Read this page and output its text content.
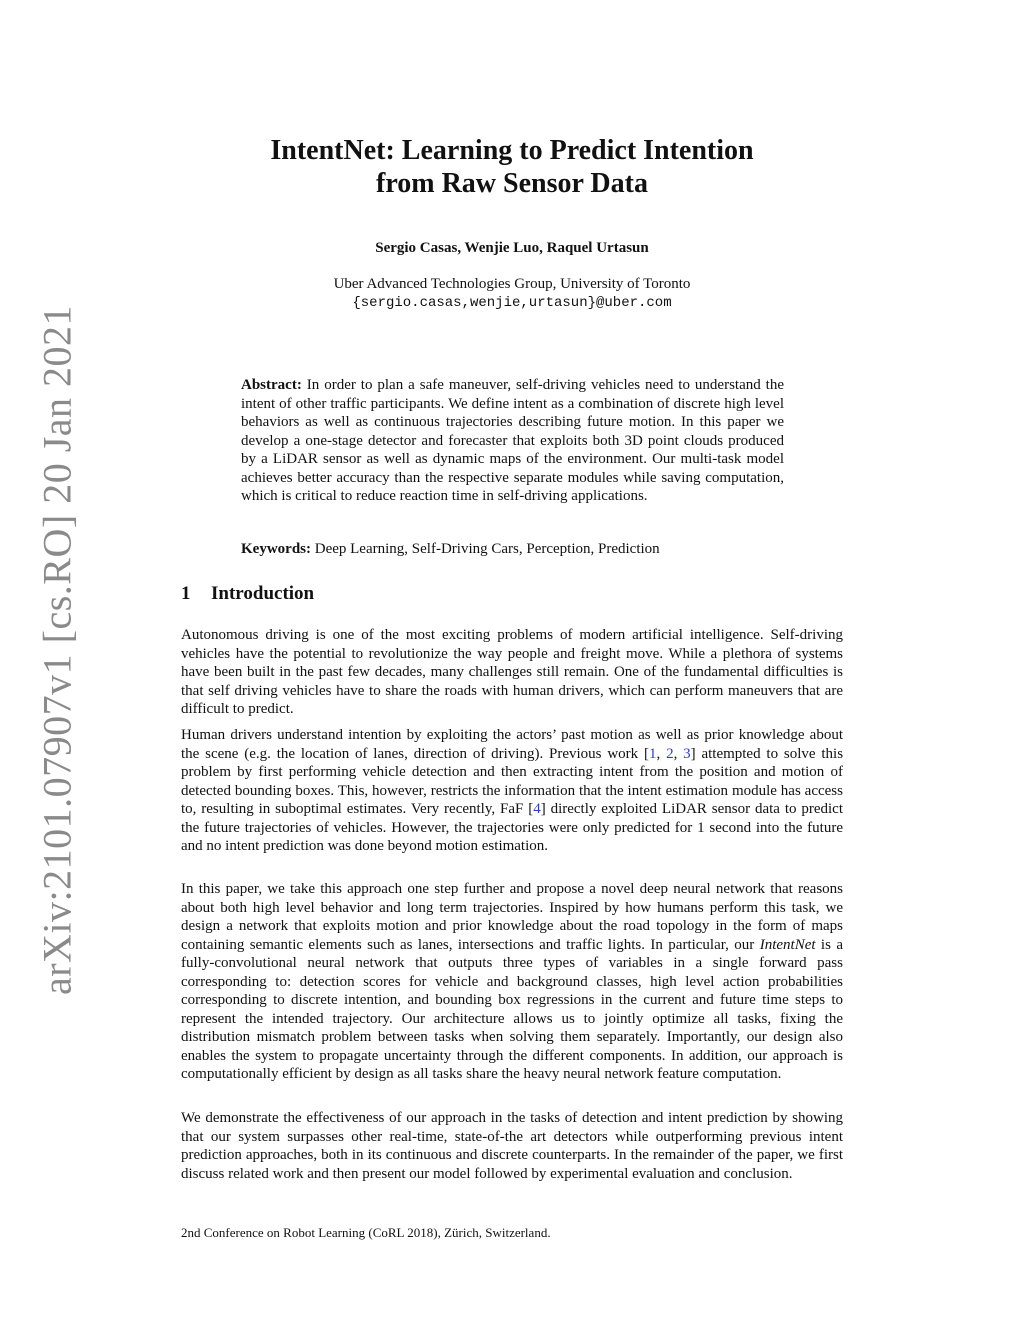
arXiv:2101.07907v1 [cs.RO] 20 Jan 2021
IntentNet: Learning to Predict Intention
from Raw Sensor Data
Sergio Casas, Wenjie Luo, Raquel Urtasun
Uber Advanced Technologies Group, University of Toronto
{sergio.casas,wenjie,urtasun}@uber.com

Abstract: In order to plan a safe maneuver, self-driving vehicles need to understand the intent of other traffic participants. We define intent as a combination of discrete high level behaviors as well as continuous trajectories describing future motion. In this paper we develop a one-stage detector and forecaster that exploits both 3D point clouds produced by a LiDAR sensor as well as dynamic maps of the environment. Our multi-task model achieves better accuracy than the respective separate modules while saving computation, which is critical to reduce reaction time in self-driving applications.

Keywords: Deep Learning, Self-Driving Cars, Perception, Prediction

1 Introduction

Autonomous driving is one of the most exciting problems of modern artificial intelligence. Self-driving vehicles have the potential to revolutionize the way people and freight move. While a plethora of systems have been built in the past few decades, many challenges still remain. One of the fundamental difficulties is that self driving vehicles have to share the roads with human drivers, which can perform maneuvers that are difficult to predict.

Human drivers understand intention by exploiting the actors’ past motion as well as prior knowledge about the scene (e.g. the location of lanes, direction of driving). Previous work [1, 2, 3] attempted to solve this problem by first performing vehicle detection and then extracting intent from the position and motion of detected bounding boxes. This, however, restricts the information that the intent estimation module has access to, resulting in suboptimal estimates. Very recently, FaF [4] directly exploited LiDAR sensor data to predict the future trajectories of vehicles. However, the trajectories were only predicted for 1 second into the future and no intent prediction was done beyond motion estimation.

In this paper, we take this approach one step further and propose a novel deep neural network that reasons about both high level behavior and long term trajectories. Inspired by how humans perform this task, we design a network that exploits motion and prior knowledge about the road topology in the form of maps containing semantic elements such as lanes, intersections and traffic lights. In particular, our IntentNet is a fully-convolutional neural network that outputs three types of variables in a single forward pass corresponding to: detection scores for vehicle and background classes, high level action probabilities corresponding to discrete intention, and bounding box regressions in the current and future time steps to represent the intended trajectory. Our architecture allows us to jointly optimize all tasks, fixing the distribution mismatch problem between tasks when solving them separately. Importantly, our design also enables the system to propagate uncertainty through the different components. In addition, our approach is computationally efficient by design as all tasks share the heavy neural network feature computation.

We demonstrate the effectiveness of our approach in the tasks of detection and intent prediction by showing that our system surpasses other real-time, state-of-the art detectors while outperforming previous intent prediction approaches, both in its continuous and discrete counterparts. In the remainder of the paper, we first discuss related work and then present our model followed by experimental evaluation and conclusion.

2nd Conference on Robot Learning (CoRL 2018), Zürich, Switzerland.
